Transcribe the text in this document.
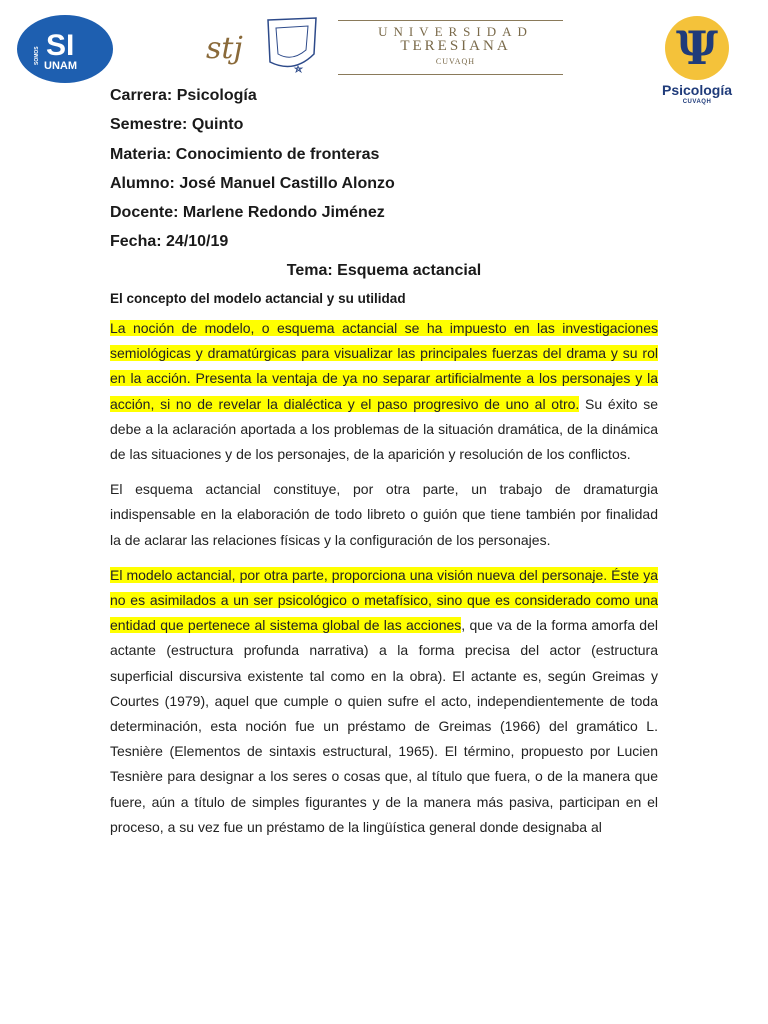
SI
SOMOS
UNAM	stj	UNIVERSIDAD
TERESIANA
CUVAQH	Ψ
Psicología
CUVAQH
Carrera: Psicología
Semestre: Quinto
Materia: Conocimiento de fronteras
Alumno: José Manuel Castillo Alonzo
Docente: Marlene Redondo Jiménez
Fecha: 24/10/19
Tema: Esquema actancial
El concepto del modelo actancial y su utilidad

La noción de modelo, o esquema actancial se ha impuesto en las investigaciones semiológicas y dramatúrgicas para visualizar las principales fuerzas del drama y su rol en la acción. Presenta la ventaja de ya no separar artificialmente a los personajes y la acción, si no de revelar la dialéctica y el paso progresivo de uno al otro. Su éxito se debe a la aclaración aportada a los problemas de la situación dramática, de la dinámica de las situaciones y de los personajes, de la aparición y resolución de los conflictos.

El esquema actancial constituye, por otra parte, un trabajo de dramaturgia indispensable en la elaboración de todo libreto o guión que tiene también por finalidad la de aclarar las relaciones físicas y la configuración de los personajes.

El modelo actancial, por otra parte, proporciona una visión nueva del personaje. Éste ya no es asimilados a un ser psicológico o metafísico, sino que es considerado como una entidad que pertenece al sistema global de las acciones, que va de la forma amorfa del actante (estructura profunda narrativa) a la forma precisa del actor (estructura superficial discursiva existente tal como en la obra). El actante es, según Greimas y Courtes (1979), aquel que cumple o quien sufre el acto, independientemente de toda determinación, esta noción fue un préstamo de Greimas (1966) del gramático L. Tesnière (Elementos de sintaxis estructural, 1965). El término, propuesto por Lucien Tesnière para designar a los seres o cosas que, al título que fuera, o de la manera que fuere, aún a título de simples figurantes y de la manera más pasiva, participan en el proceso, a su vez fue un préstamo de la lingüística general donde designaba al
